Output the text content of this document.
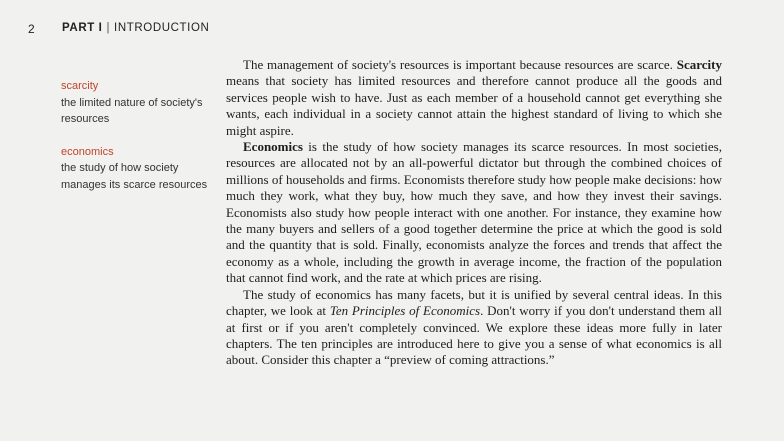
2 PART I | INTRODUCTION
scarcity
the limited nature of society's resources
economics
the study of how society manages its scarce resources

The management of society's resources is important because resources are scarce. Scarcity means that society has limited resources and therefore cannot produce all the goods and services people wish to have. Just as each member of a household cannot get everything she wants, each individual in a society cannot attain the highest standard of living to which she might aspire.

Economics is the study of how society manages its scarce resources. In most societies, resources are allocated not by an all-powerful dictator but through the combined choices of millions of households and firms. Economists therefore study how people make decisions: how much they work, what they buy, how much they save, and how they invest their savings. Economists also study how people interact with one another. For instance, they examine how the many buyers and sellers of a good together determine the price at which the good is sold and the quantity that is sold. Finally, economists analyze the forces and trends that affect the economy as a whole, including the growth in average income, the fraction of the population that cannot find work, and the rate at which prices are rising.

The study of economics has many facets, but it is unified by several central ideas. In this chapter, we look at Ten Principles of Economics. Don't worry if you don't understand them all at first or if you aren't completely convinced. We explore these ideas more fully in later chapters. The ten principles are introduced here to give you a sense of what economics is all about. Consider this chapter a “preview of coming attractions.”
